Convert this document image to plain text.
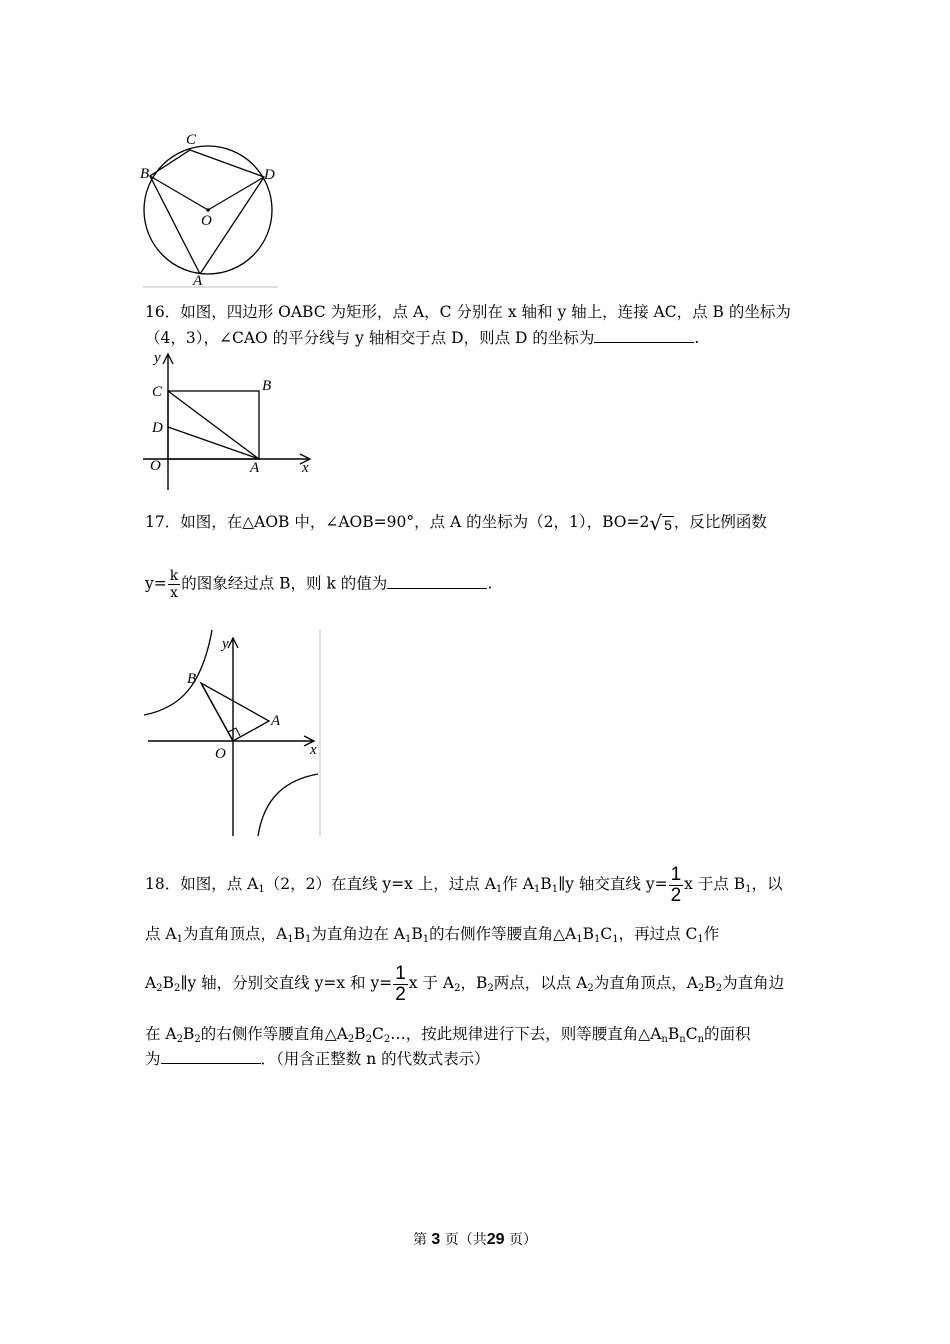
C
B	D
O
A
16．如图，四边形 OABC 为矩形，点 A，C 分别在 x 轴和 y 轴上，连接 AC，点 B 的坐标为
（4，3），∠CAO 的平分线与 y 轴相交于点 D，则点 D 的坐标为	.
y
x
B
C
D
O	A
17．如图，在△AOB 中，∠AOB=90°，点 A 的坐标为（2，1），BO=2 √ 5 ，反比例函数
$y= \frac{k}{x}$ 的图象经过点 B，则 k 的值为	.
y
x
B
A
O
18．如图，点 $A_1(2$，2）在直线 y=x 上，过点 $A_1$作 $A_1B_1\parallel y$ 轴交直线 $y= \frac{1}{2}$ x 于点 $B_1$，以
点 $A_1$为直角顶点，$A_1B_1$为直角边在 $A_1B_1$的右侧作等腰直角$\triangle A_1B_1C_1$，再过点 $C_1$作
$A_2B_2\parallel y$ 轴，分别交直线 y=x 和 $y= \frac{1}{2}$ x 于 $A_2$，$B_2$两点，以点 $A_2$为直角顶点，$A_2B_2$为直角边
在 $A_2B_2$的右侧作等腰直角$\triangle A_2B_2C_2\dots$，按此规律进行下去，则等腰直角$\triangle A_nB_nC_n$的面积
为	．（用含正整数 n 的代数式表示）
第 3 页（共29 页）
